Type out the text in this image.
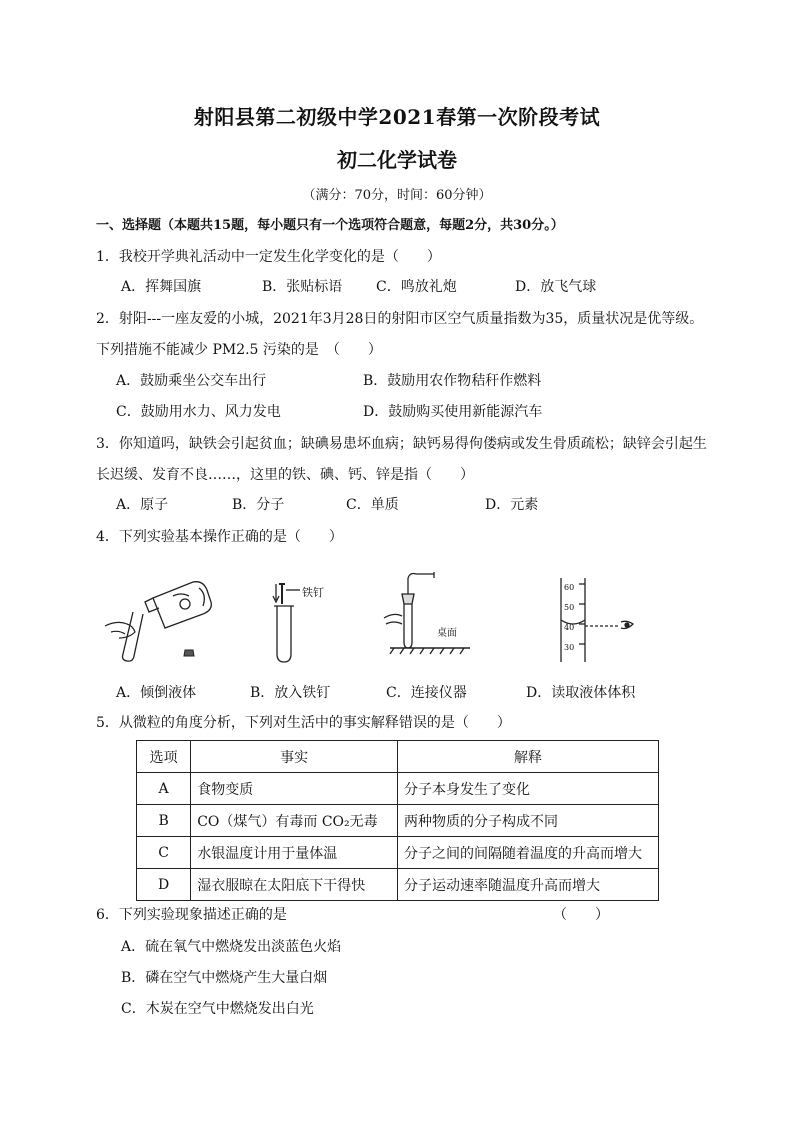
射阳县第二初级中学2021春第一次阶段考试
初二化学试卷
（满分：70分，时间：60分钟）
一、选择题（本题共15题，每小题只有一个选项符合题意，每题2分，共30分。）
1．我校开学典礼活动中一定发生化学变化的是（　　）
A．挥舞国旗	B．张贴标语 C．鸣放礼炮	D．放飞气球
2．射阳---一座友爱的小城，2021年3月28日的射阳市区空气质量指数为35，质量状况是优等级。
下列措施不能减少 PM2.5 污染的是　（　　）
A．鼓励乘坐公交车出行	B．鼓励用农作物秸秆作燃料
C．鼓励用水力、风力发电	D．鼓励购买使用新能源汽车
3．你知道吗，缺铁会引起贫血；缺碘易患坏血病；缺钙易得佝偻病或发生骨质疏松；缺锌会引起生
长迟缓、发育不良……，这里的铁、碘、钙、锌是指（　　）
A．原子	B．分子	C．单质	D．元素
4．下列实验基本操作正确的是（　　）
铁钉
桌面
60
50
40
30
A．倾倒液体	B．放入铁钉	C．连接仪器	D．读取液体体积
5．从微粒的角度分析，下列对生活中的事实解释错误的是（　　）
选项	事实	解释
A	食物变质	分子本身发生了变化
B	CO（煤气）有毒而 CO₂无毒	两种物质的分子构成不同
C	水银温度计用于量体温	分子之间的间隔随着温度的升高而增大
D	湿衣服晾在太阳底下干得快	分子运动速率随温度升高而增大
6．下列实验现象描述正确的是	（　　）
A．硫在氧气中燃烧发出淡蓝色火焰
B．磷在空气中燃烧产生大量白烟
C．木炭在空气中燃烧发出白光
